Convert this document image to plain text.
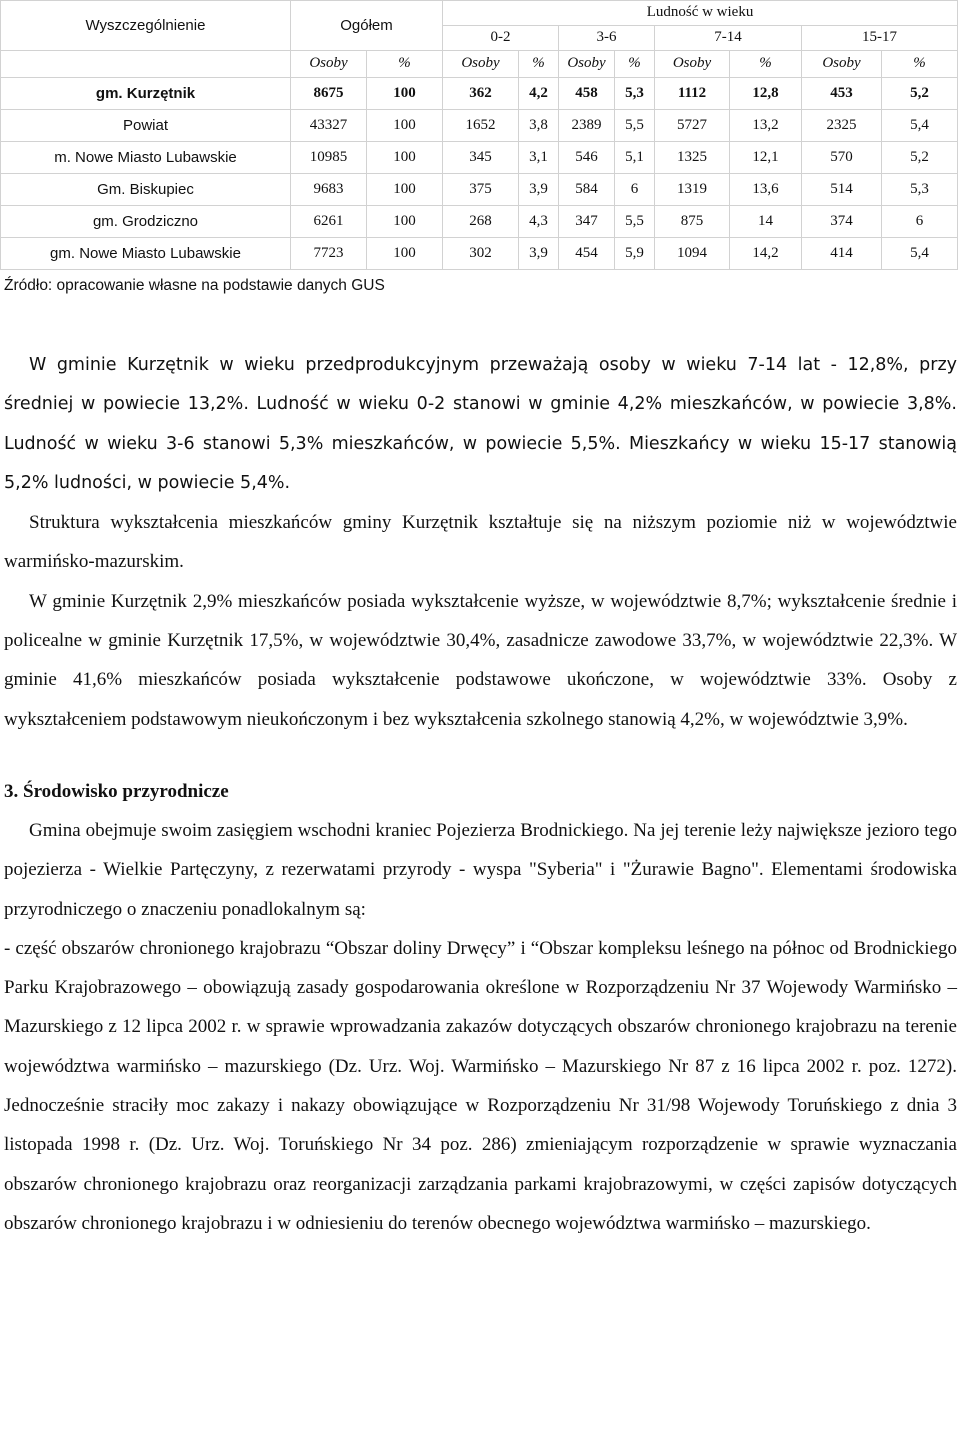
Wyszczególnienie	Ogółem		Ludność w wieku							
			0-2		3-6		7-14		15-17	
	Osoby	%	Osoby	%	Osoby	%	Osoby	%	Osoby	%
gm. Kurzętnik	8675	100	362	4,2	458	5,3	1112	12,8	453	5,2
Powiat	43327	100	1652	3,8	2389	5,5	5727	13,2	2325	5,4
m. Nowe Miasto Lubawskie	10985	100	345	3,1	546	5,1	1325	12,1	570	5,2
Gm. Biskupiec	9683	100	375	3,9	584	6	1319	13,6	514	5,3
gm. Grodziczno	6261	100	268	4,3	347	5,5	875	14	374	6
gm. Nowe Miasto Lubawskie	7723	100	302	3,9	454	5,9	1094	14,2	414	5,4
Źródło: opracowanie własne na podstawie danych GUS

W gminie Kurzętnik w wieku przedprodukcyjnym przeważają osoby w wieku 7-14 lat - 12,8%, przy średniej w powiecie 13,2%. Ludność w wieku 0-2 stanowi w gminie 4,2% mieszkańców, w powiecie 3,8%. Ludność w wieku 3-6 stanowi 5,3% mieszkańców, w powiecie 5,5%. Mieszkańcy w wieku 15-17 stanowią 5,2% ludności, w powiecie 5,4%.

Struktura wykształcenia mieszkańców gminy Kurzętnik kształtuje się na niższym poziomie niż w województwie warmińsko-mazurskim.

W gminie Kurzętnik 2,9% mieszkańców posiada wykształcenie wyższe, w województwie 8,7%; wykształcenie średnie i policealne w gminie Kurzętnik 17,5%, w województwie 30,4%, zasadnicze zawodowe 33,7%, w województwie 22,3%. W gminie 41,6% mieszkańców posiada wykształcenie podstawowe ukończone, w województwie 33%. Osoby z wykształceniem podstawowym nieukończonym i bez wykształcenia szkolnego stanowią 4,2%, w województwie 3,9%.

3. Środowisko przyrodnicze

Gmina obejmuje swoim zasięgiem wschodni kraniec Pojezierza Brodnickiego. Na jej terenie leży największe jezioro tego pojezierza - Wielkie Partęczyny, z rezerwatami przyrody - wyspa "Syberia" i "Żurawie Bagno". Elementami środowiska przyrodniczego o znaczeniu ponadlokalnym są:

- część obszarów chronionego krajobrazu “Obszar doliny Drwęcy” i “Obszar kompleksu leśnego na północ od Brodnickiego Parku Krajobrazowego – obowiązują zasady gospodarowania określone w Rozporządzeniu Nr 37 Wojewody Warmińsko – Mazurskiego z 12 lipca 2002 r. w sprawie wprowadzania zakazów dotyczących obszarów chronionego krajobrazu na terenie województwa warmińsko – mazurskiego (Dz. Urz. Woj. Warmińsko – Mazurskiego Nr 87 z 16 lipca 2002 r. poz. 1272). Jednocześnie straciły moc zakazy i nakazy obowiązujące w Rozporządzeniu Nr 31/98 Wojewody Toruńskiego z dnia 3 listopada 1998 r. (Dz. Urz. Woj. Toruńskiego Nr 34 poz. 286) zmieniającym rozporządzenie w sprawie wyznaczania obszarów chronionego krajobrazu oraz reorganizacji zarządzania parkami krajobrazowymi, w części zapisów dotyczących obszarów chronionego krajobrazu i w odniesieniu do terenów obecnego województwa warmińsko – mazurskiego.
